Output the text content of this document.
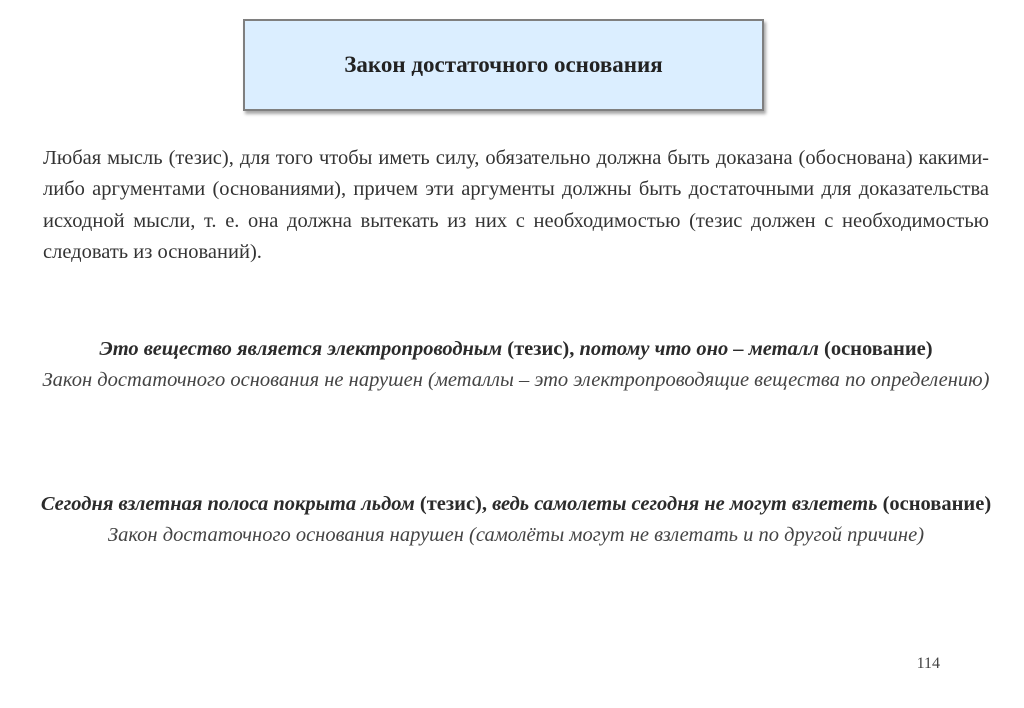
Закон достаточного основания

Любая мысль (тезис), для того чтобы иметь силу, обязательно должна быть доказана (обоснована) какими-либо аргументами (основаниями), причем эти аргументы должны быть достаточными для доказательства исходной мысли, т. е. она должна вытекать из них с необходимостью (тезис должен с необходимостью следовать из оснований).

Это вещество является электропроводным (тезис), потому что оно – металл (основание)
Закон достаточного основания не нарушен (металлы – это электропроводящие вещества по определению)
Сегодня взлетная полоса покрыта льдом (тезис), ведь самолеты сегодня не могут взлететь (основание)
Закон достаточного основания нарушен (самолёты могут не взлетать и по другой причине)
114
